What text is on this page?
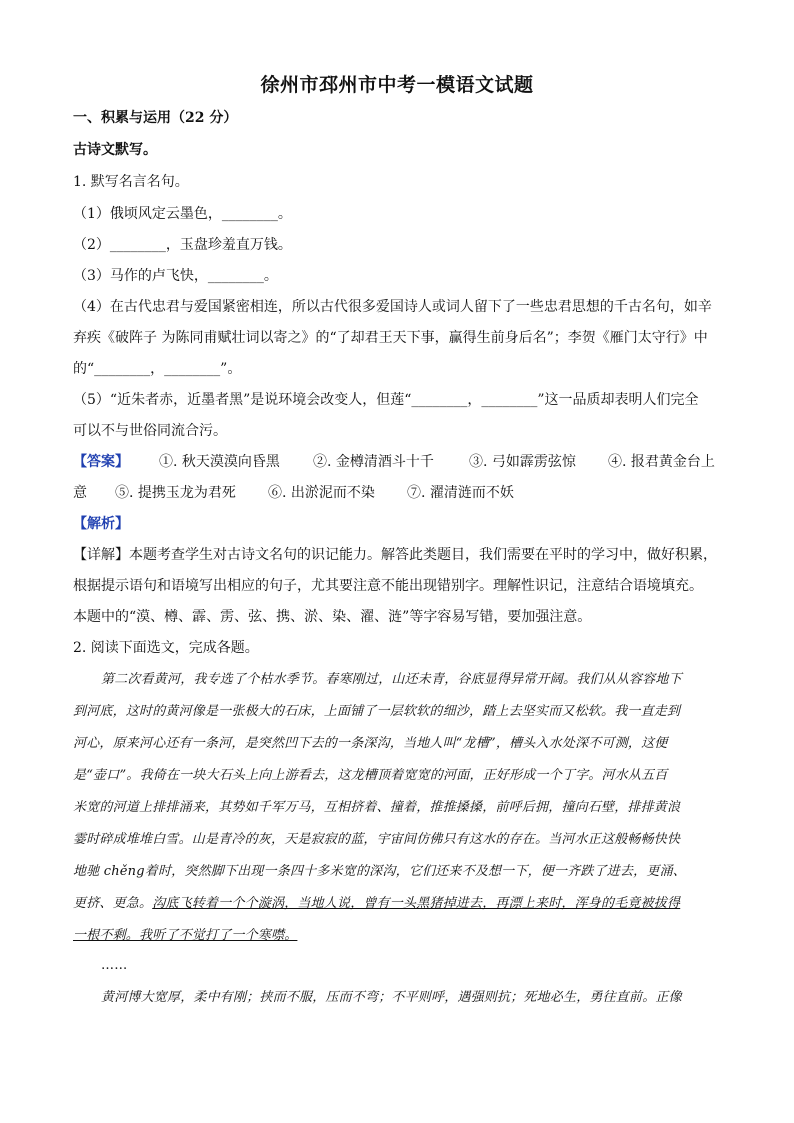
徐州市邳州市中考一模语文试题
一、积累与运用（22 分）
古诗文默写。
1. 默写名言名句。
（1）俄顷风定云墨色，________。
（2）________，玉盘珍羞直万钱。
（3）马作的卢飞快，________。
（4）在古代忠君与爱国紧密相连，所以古代很多爱国诗人或词人留下了一些忠君思想的千古名句，如辛
弃疾《破阵子 为陈同甫赋壮词以寄之》的“了却君王天下事，赢得生前身后名”；李贺《雁门太守行》中
的“________，________”。
（5）“近朱者赤，近墨者黑”是说环境会改变人，但莲“________，________”这一品质却表明人们完全
可以不与世俗同流合污。
【答案】 ①. 秋天漠漠向昏黑 ②. 金樽清酒斗十千	③. 弓如霹雳弦惊 ④. 报君黄金台上
意 ⑤. 提携玉龙为君死 ⑥. 出淤泥而不染 ⑦. 濯清涟而不妖
【解析】
【详解】本题考查学生对古诗文名句的识记能力。解答此类题目，我们需要在平时的学习中，做好积累，
根据提示语句和语境写出相应的句子，尤其要注意不能出现错别字。理解性识记，注意结合语境填充。
本题中的“漠、樽、霹、雳、弦、携、淤、染、濯、涟”等字容易写错，要加强注意。
2. 阅读下面选文，完成各题。
第二次看黄河，我专选了个枯水季节。春寒刚过，山还未青，谷底显得异常开阔。我们从从容容地下
到河底，这时的黄河像是一张极大的石床，上面铺了一层软软的细沙，踏上去坚实而又松软。我一直走到
河心，原来河心还有一条河，是突然凹下去的一条深沟，当地人叫“龙槽”，槽头入水处深不可测，这便
是“壶口”。我倚在一块大石头上向上游看去，这龙槽顶着宽宽的河面，正好形成一个丁字。河水从五百
米宽的河道上排排涌来，其势如千军万马，互相挤着、撞着，推推搡搡，前呼后拥，撞向石壁，排排黄浪
霎时碎成堆堆白雪。山是青冷的灰，天是寂寂的蓝，宇宙间仿佛只有这水的存在。当河水正这般畅畅快快
地驰 chěng着时，突然脚下出现一条四十多米宽的深沟，它们还来不及想一下，便一齐跌了进去，更涌、
更挤、更急。沟底飞转着一个个漩涡，当地人说，曾有一头黑猪掉进去，再漂上来时，浑身的毛竟被拔得
一根不剩。我听了不觉打了一个寒噤。
……
黄河博大宽厚，柔中有刚；挟而不服，压而不弯；不平则呼，遇强则抗；死地必生，勇往直前。正像
